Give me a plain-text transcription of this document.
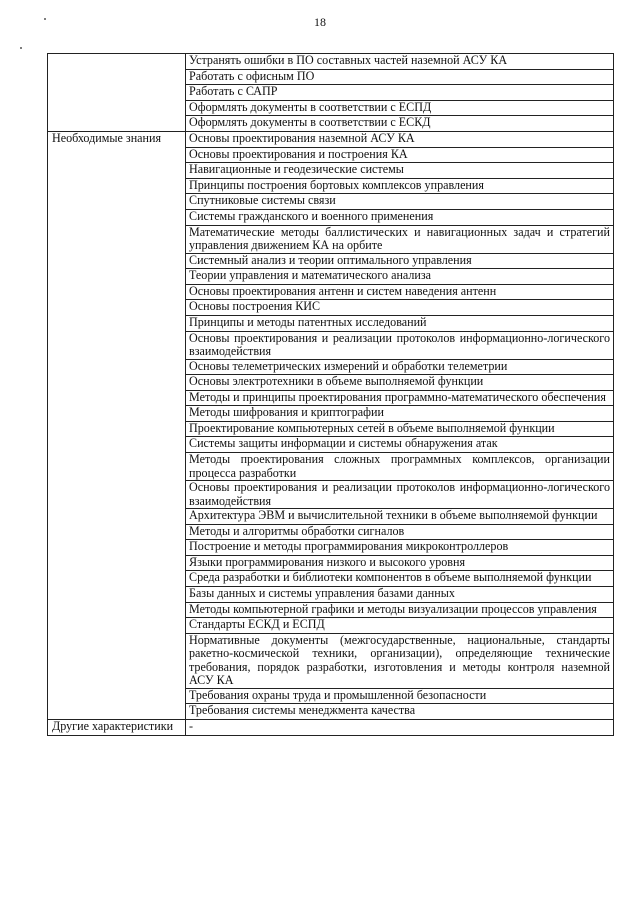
18
	Устранять ошибки в ПО составных частей наземной АСУ КА
	Работать с офисным ПО
	Работать с САПР
	Оформлять документы в соответствии с ЕСПД
	Оформлять документы в соответствии с ЕСКД
Необходимые знания	Основы проектирования наземной АСУ КА
	Основы проектирования и построения КА
	Навигационные и геодезические системы
	Принципы построения бортовых комплексов управления
	Спутниковые системы связи
	Системы гражданского и военного применения
	Математические методы баллистических и навигационных задач и стратегий управления движением КА на орбите
	Системный анализ и теории оптимального управления
	Теории управления и математического анализа
	Основы проектирования антенн и систем наведения антенн
	Основы построения КИС
	Принципы и методы патентных исследований
	Основы проектирования и реализации протоколов информационно-логического взаимодействия
	Основы телеметрических измерений и обработки телеметрии
	Основы электротехники в объеме выполняемой функции
	Методы и принципы проектирования программно-математического обеспечения
	Методы шифрования и криптографии
	Проектирование компьютерных сетей в объеме выполняемой функции
	Системы защиты информации и системы обнаружения атак
	Методы проектирования сложных программных комплексов, организации процесса разработки
	Основы проектирования и реализации протоколов информационно-логического взаимодействия
	Архитектура ЭВМ и вычислительной техники в объеме выполняемой функции
	Методы и алгоритмы обработки сигналов
	Построение и методы программирования микроконтроллеров
	Языки программирования низкого и высокого уровня
	Среда разработки и библиотеки компонентов в объеме выполняемой функции
	Базы данных и системы управления базами данных
	Методы компьютерной графики и методы визуализации процессов управления
	Стандарты ЕСКД и ЕСПД
	Нормативные документы (межгосударственные, национальные, стандарты ракетно-космической техники, организации), определяющие технические требования, порядок разработки, изготовления и методы контроля наземной АСУ КА
	Требования охраны труда и промышленной безопасности
	Требования системы менеджмента качества
Другие характеристики	-
